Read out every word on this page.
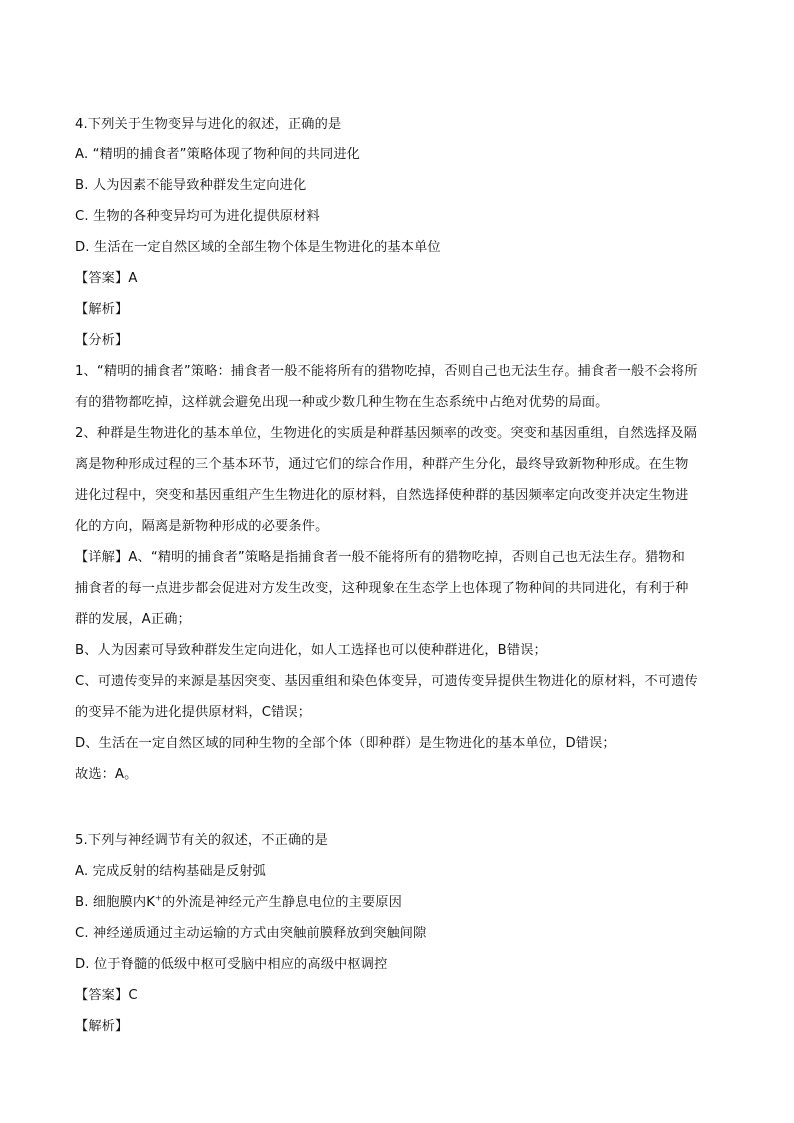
4.下列关于生物变异与进化的叙述，正确的是
A. “精明的捕食者”策略体现了物种间的共同进化
B. 人为因素不能导致种群发生定向进化
C. 生物的各种变异均可为进化提供原材料
D. 生活在一定自然区域的全部生物个体是生物进化的基本单位
【答案】A
【解析】
【分析】
1、“精明的捕食者”策略：捕食者一般不能将所有的猎物吃掉，否则自己也无法生存。捕食者一般不会将所
有的猎物都吃掉，这样就会避免出现一种或少数几种生物在生态系统中占绝对优势的局面。
2、种群是生物进化的基本单位，生物进化的实质是种群基因频率的改变。突变和基因重组，自然选择及隔
离是物种形成过程的三个基本环节，通过它们的综合作用，种群产生分化，最终导致新物种形成。在生物
进化过程中，突变和基因重组产生生物进化的原材料，自然选择使种群的基因频率定向改变并决定生物进
化的方向，隔离是新物种形成的必要条件。
【详解】A、“精明的捕食者”策略是指捕食者一般不能将所有的猎物吃掉，否则自己也无法生存。猎物和
捕食者的每一点进步都会促进对方发生改变，这种现象在生态学上也体现了物种间的共同进化，有利于种
群的发展，A正确；
B、人为因素可导致种群发生定向进化，如人工选择也可以使种群进化，B错误；
C、可遗传变异的来源是基因突变、基因重组和染色体变异，可遗传变异提供生物进化的原材料，不可遗传
的变异不能为进化提供原材料，C错误；
D、生活在一定自然区域的同种生物的全部个体（即种群）是生物进化的基本单位，D错误；
故选：A。
5.下列与神经调节有关的叙述，不正确的是
A. 完成反射的结构基础是反射弧
B. 细胞膜内K+的外流是神经元产生静息电位的主要原因
C. 神经递质通过主动运输的方式由突触前膜释放到突触间隙
D. 位于脊髓的低级中枢可受脑中相应的高级中枢调控
【答案】C
【解析】
